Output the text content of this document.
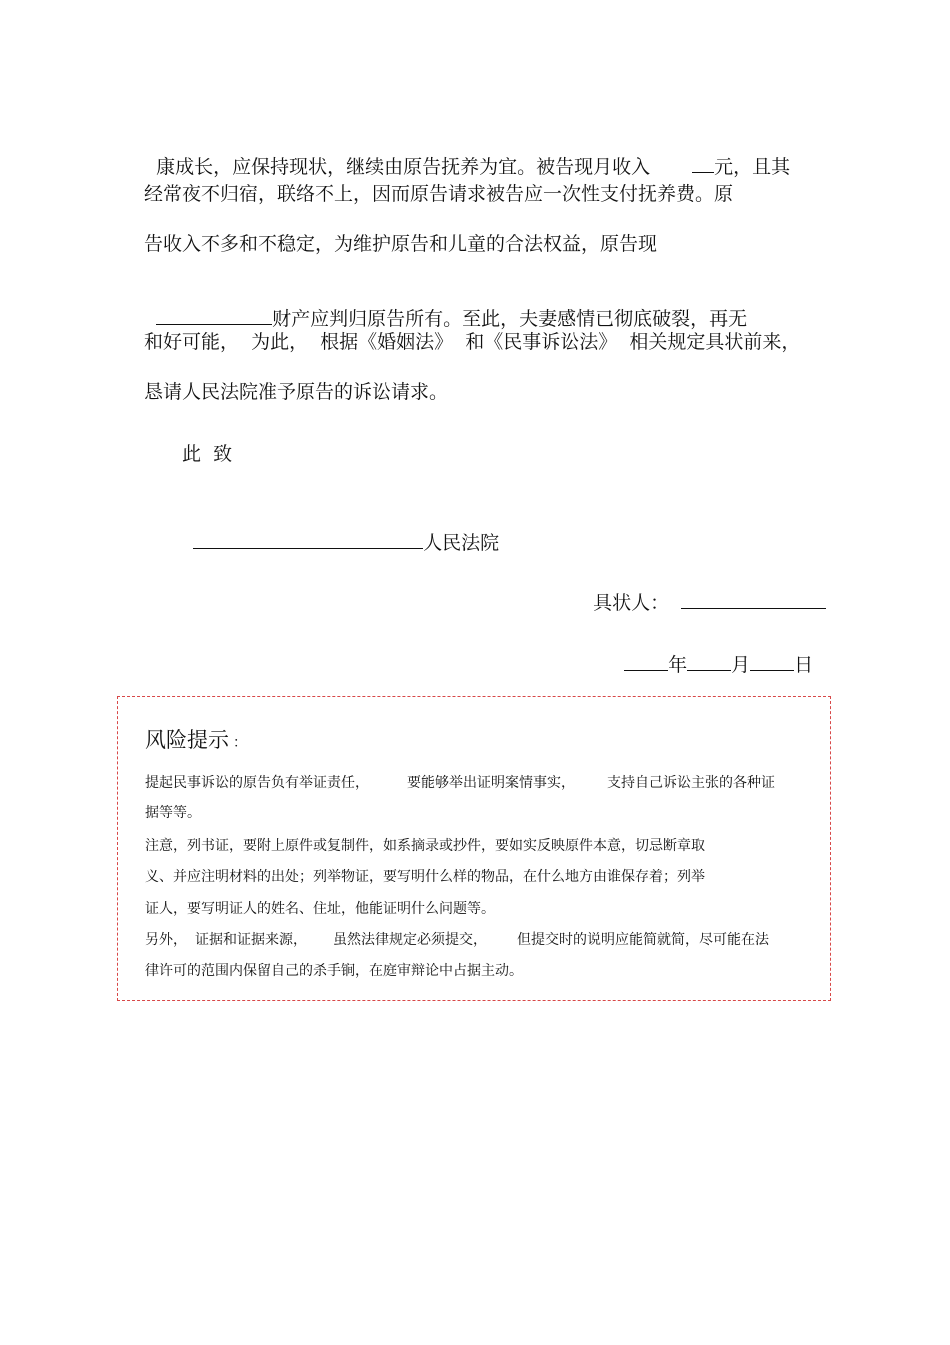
康成长，应保持现状，继续由原告抚养为宜。被告现月收入	元，且其

经常夜不归宿，联络不上，因而原告请求被告应一次性支付抚养费。原
告收入不多和不稳定，为维护原告和儿童的合法权益，原告现

财产应判归原告所有。至此，夫妻感情已彻底破裂，再无

和好可能，  为此，  根据《婚姻法》  和《民事诉讼法》  相关规定具状前来，
恳请人民法院准予原告的诉讼请求。
此  致

人民法院

具状人：

年 月 日

风险提示 ：
提起民事诉讼的原告负有举证责任，	要能够举出证明案情事实， 支持自己诉讼主张的各种证
据等等。
注意，列书证，要附上原件或复制件，如系摘录或抄件，要如实反映原件本意，切忌断章取
义、并应注明材料的出处；列举物证，要写明什么样的物品，在什么地方由谁保存着；列举
证人，要写明证人的姓名、住址，他能证明什么问题等。
另外， 证据和证据来源， 虽然法律规定必须提交， 但提交时的说明应能简就简，尽可能在法
律许可的范围内保留自己的杀手锏，在庭审辩论中占据主动。
